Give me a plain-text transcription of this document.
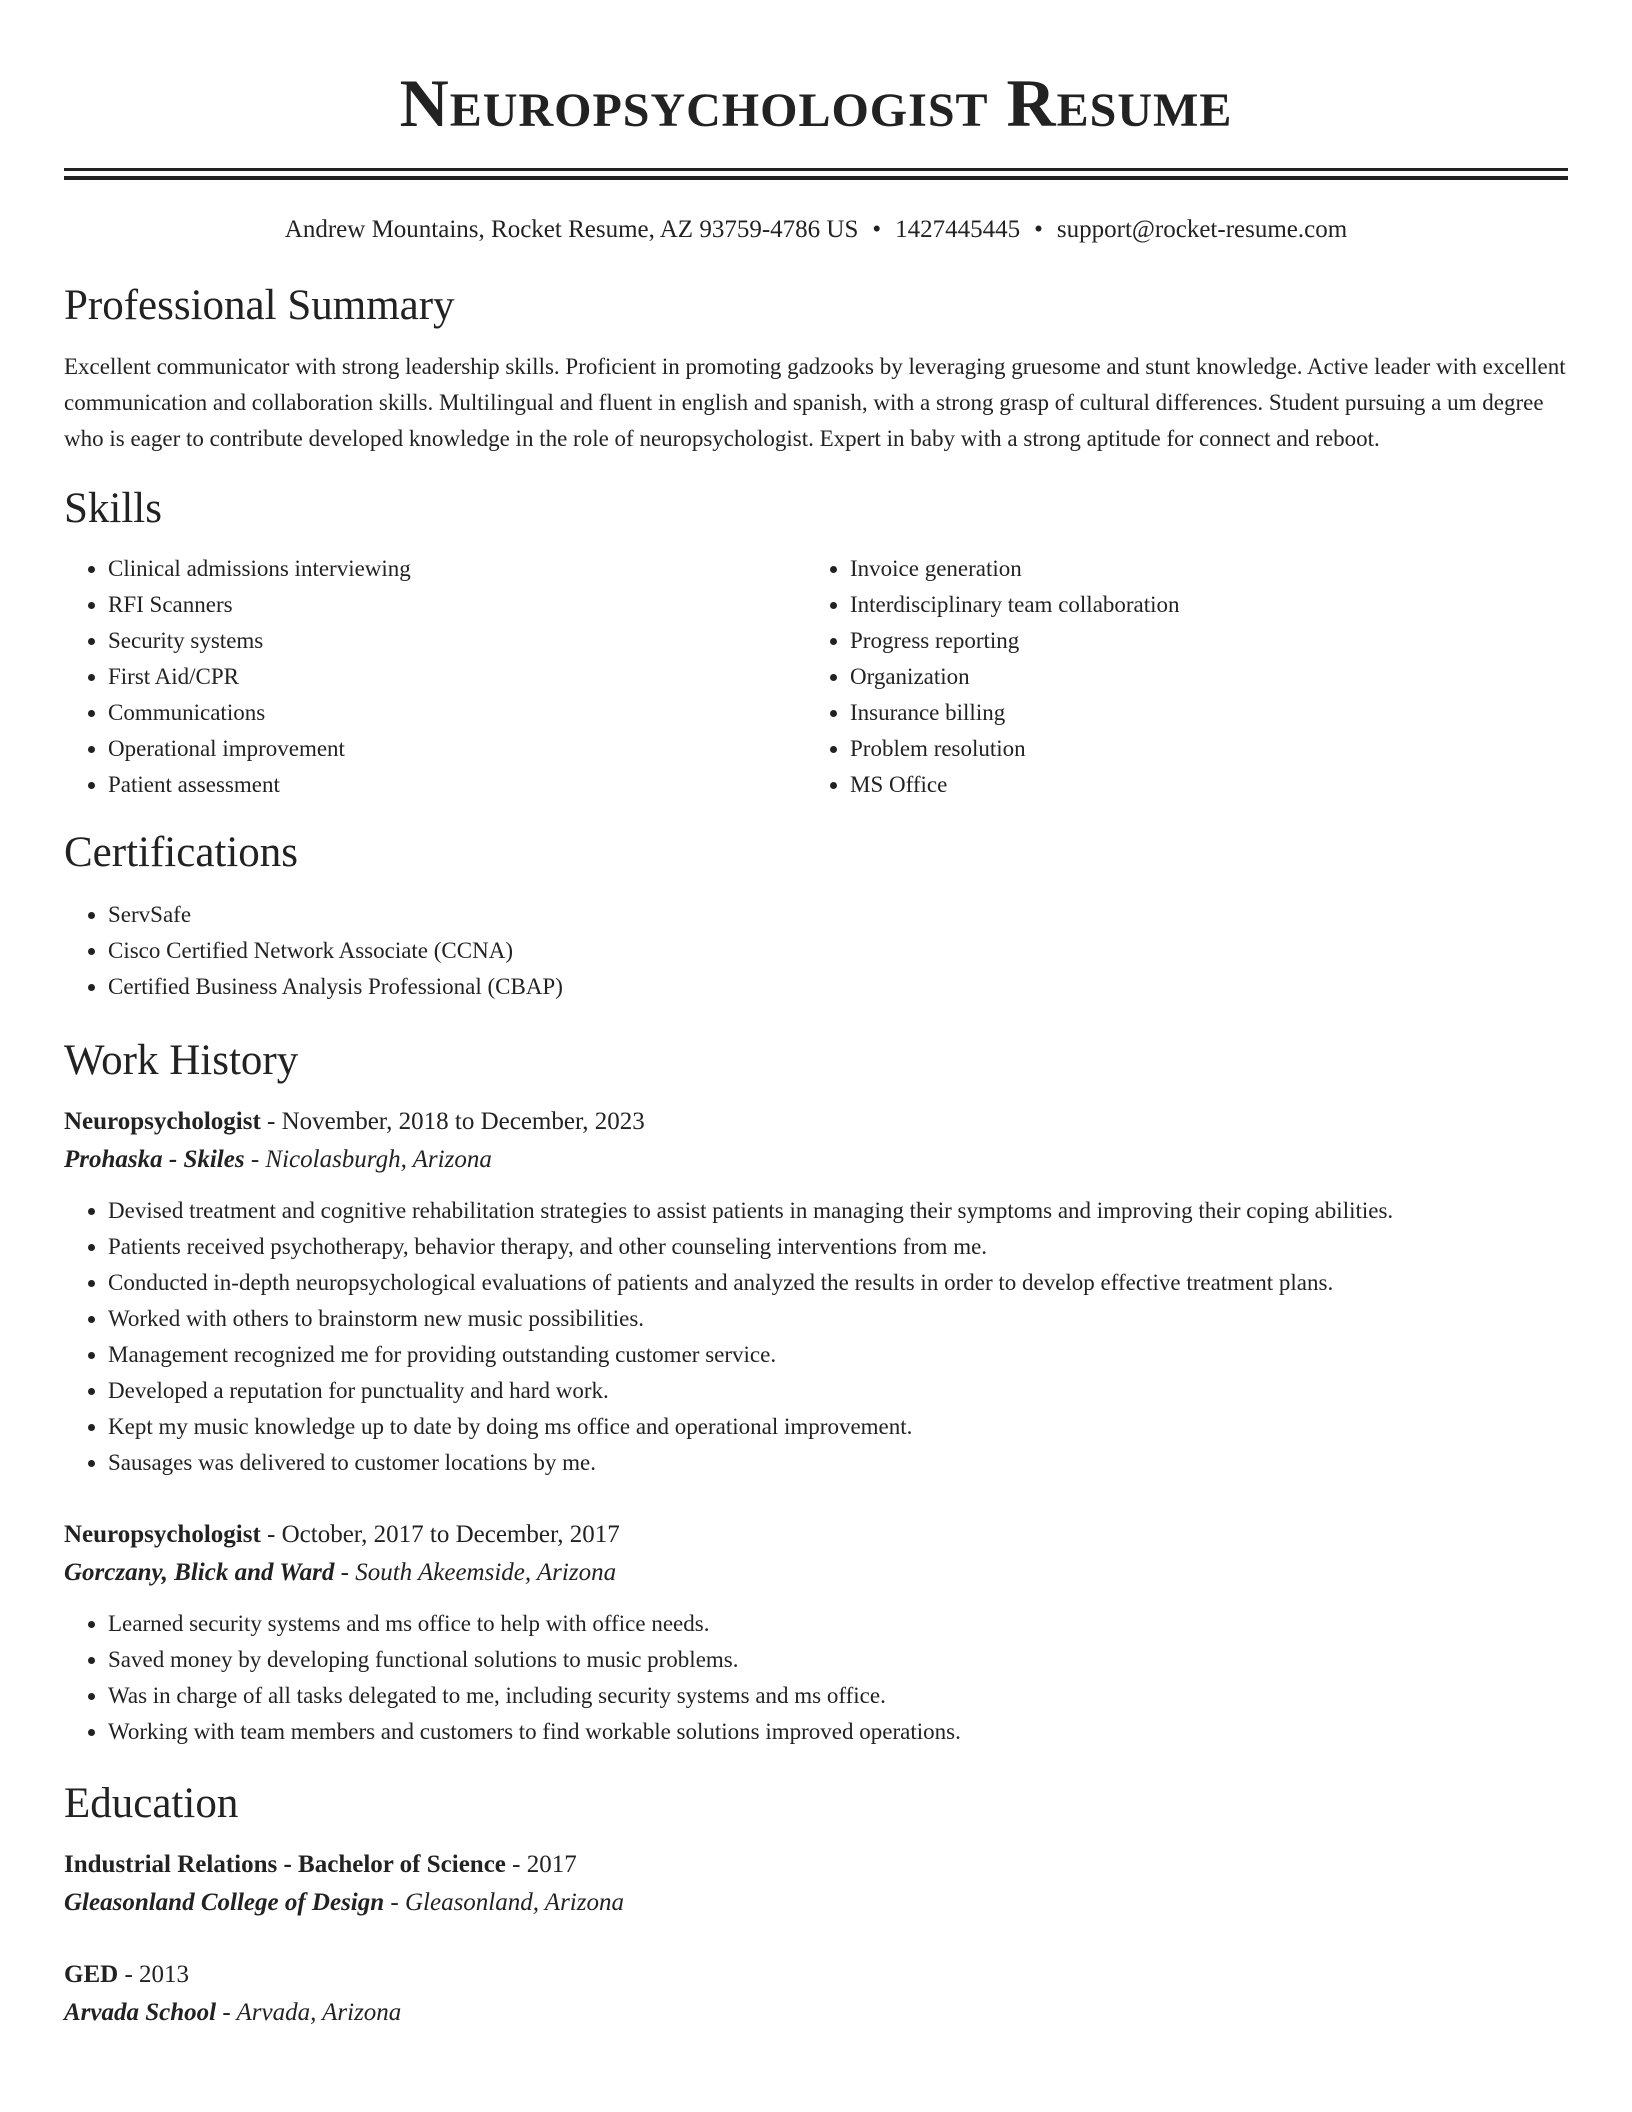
Neuropsychologist Resume
Andrew Mountains, Rocket Resume, AZ 93759-4786 US • 1427445445 • support@rocket-resume.com
Professional Summary

Excellent communicator with strong leadership skills. Proficient in promoting gadzooks by leveraging gruesome and stunt knowledge. Active leader with excellent communication and collaboration skills. Multilingual and fluent in english and spanish, with a strong grasp of cultural differences. Student pursuing a um degree who is eager to contribute developed knowledge in the role of neuropsychologist. Expert in baby with a strong aptitude for connect and reboot.

Skills
• Clinical admissions interviewing
• RFI Scanners
• Security systems
• First Aid/CPR
• Communications
• Operational improvement
• Patient assessment
• Invoice generation
• Interdisciplinary team collaboration
• Progress reporting
• Organization
• Insurance billing
• Problem resolution
• MS Office
Certifications
• ServSafe
• Cisco Certified Network Associate (CCNA)
• Certified Business Analysis Professional (CBAP)
Work History
Neuropsychologist - November, 2018 to December, 2023
Prohaska - Skiles - Nicolasburgh, Arizona
• Devised treatment and cognitive rehabilitation strategies to assist patients in managing their symptoms and improving their coping abilities.
• Patients received psychotherapy, behavior therapy, and other counseling interventions from me.
• Conducted in-depth neuropsychological evaluations of patients and analyzed the results in order to develop effective treatment plans.
• Worked with others to brainstorm new music possibilities.
• Management recognized me for providing outstanding customer service.
• Developed a reputation for punctuality and hard work.
• Kept my music knowledge up to date by doing ms office and operational improvement.
• Sausages was delivered to customer locations by me.
Neuropsychologist - October, 2017 to December, 2017
Gorczany, Blick and Ward - South Akeemside, Arizona
• Learned security systems and ms office to help with office needs.
• Saved money by developing functional solutions to music problems.
• Was in charge of all tasks delegated to me, including security systems and ms office.
• Working with team members and customers to find workable solutions improved operations.
Education
Industrial Relations - Bachelor of Science - 2017
Gleasonland College of Design - Gleasonland, Arizona
GED - 2013
Arvada School - Arvada, Arizona
